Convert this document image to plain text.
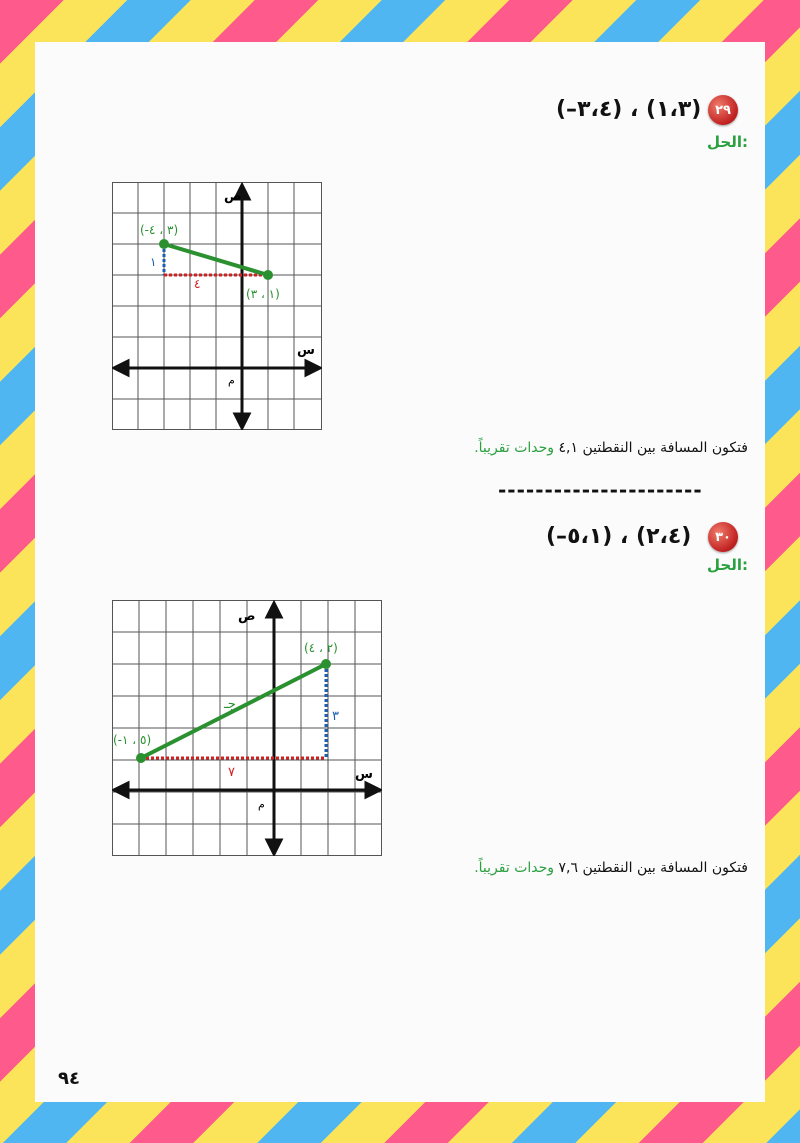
٢٩
(–٣،٤) ، (١،٣)
الحل:
فتكون المسافة بين النقطتين ٤,١ وحدات تقريباً.
ص
س
م
(-٣ ، ٤)
(١ ، ٣)
١
٤
----------------------
٣٠
(–٥،١) ، (٢،٤)
الحل:
فتكون المسافة بين النقطتين ٧,٦ وحدات تقريباً.
ص
س
م
(-٥ ، ١)
(٢ ، ٤)
٣
٧
جـ
٩٤
